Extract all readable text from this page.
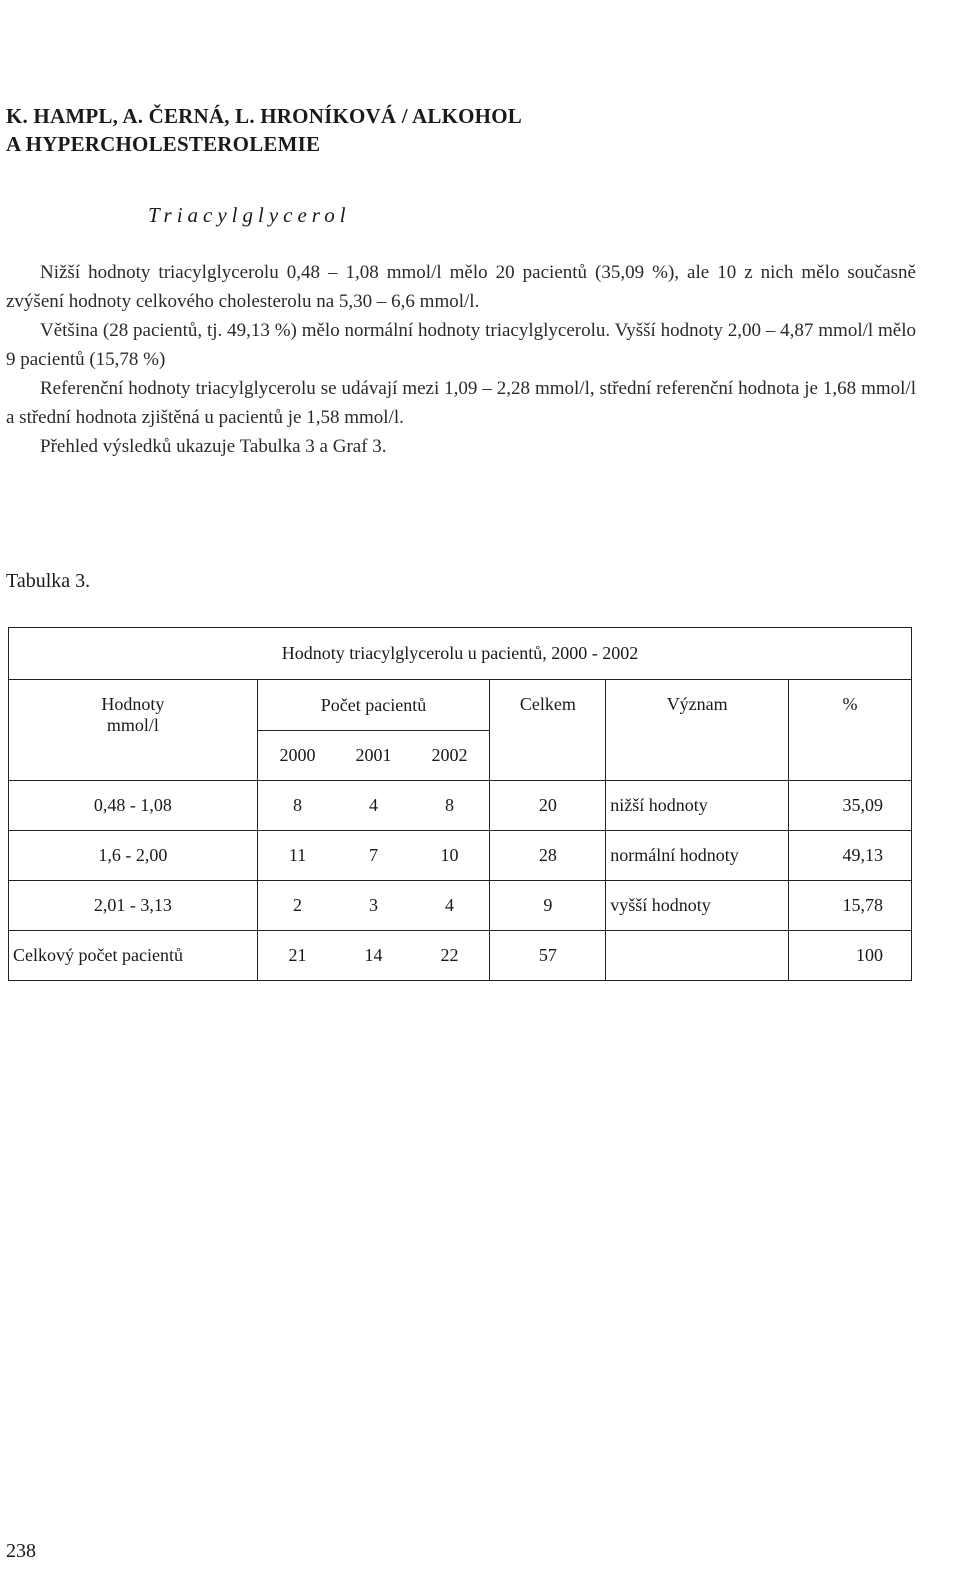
K. HAMPL, A. ČERNÁ, L. HRONÍKOVÁ / ALKOHOL
A HYPERCHOLESTEROLEMIE
Triacylglycerol

Nižší hodnoty triacylglycerolu 0,48 – 1,08 mmol/l mělo 20 pacientů (35,09 %), ale 10 z nich mělo současně zvýšení hodnoty celkového cholesterolu na 5,30 – 6,6 mmol/l.

Většina (28 pacientů, tj. 49,13 %) mělo normální hodnoty triacylglycerolu. Vyšší hodnoty 2,00 – 4,87 mmol/l mělo 9 pacientů (15,78 %)

Referenční hodnoty triacylglycerolu se udávají mezi 1,09 – 2,28 mmol/l, střední referenční hodnota je 1,68 mmol/l a střední hodnota zjištěná u pacientů je 1,58 mmol/l.

Přehled výsledků ukazuje Tabulka 3 a Graf 3.

Tabulka 3.
Hodnoty triacylglycerolu u pacientů, 2000 - 2002				

Hodnoty
mmol/l	Počet pacientů	Celkem	Význam	%
	2000 2001 2002			
0,48 - 1,08	8 4 8	20	nižší hodnoty	35,09
1,6 - 2,00	11 7 10	28	normální hodnoty	49,13
2,01 - 3,13	2 3 4	9	vyšší hodnoty	15,78
Celkový počet pacientů	21 14 22	57		100
238
